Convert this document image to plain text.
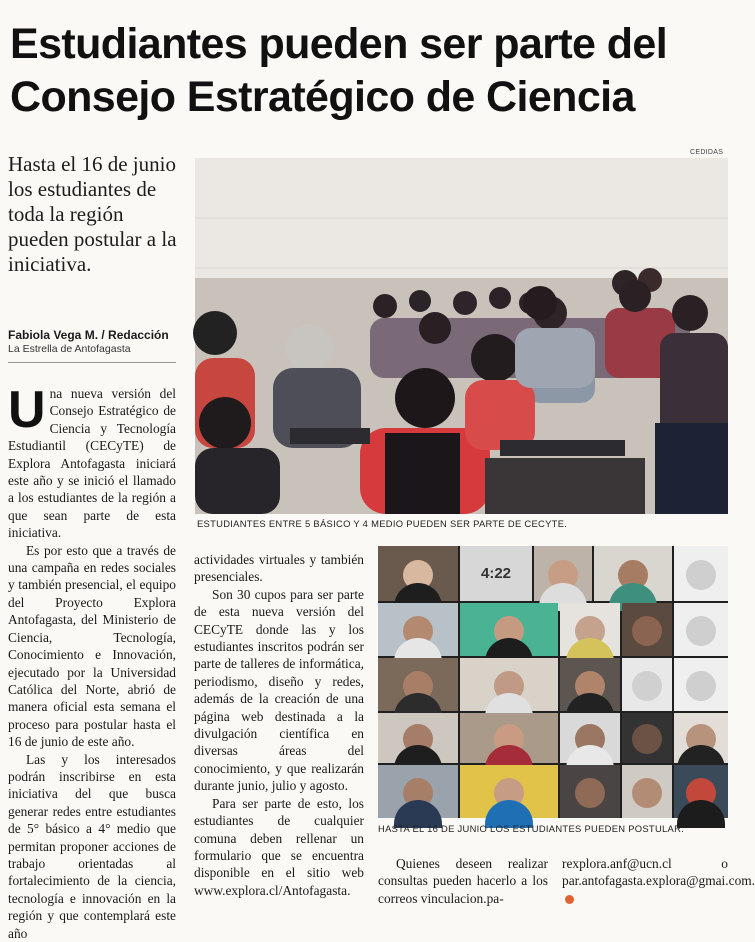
Estudiantes pueden ser parte del
Consejo Estratégico de Ciencia
Hasta el 16 de junio los estudiantes de toda la región pueden postular a la iniciativa.
Fabiola Vega M. / Redacción
La Estrella de Antofagasta
CEDIDAS
ESTUDIANTES ENTRE 5 BÁSICO Y 4 MEDIO PUEDEN SER PARTE DE CECYTE.
4:22
HASTA EL 16 DE JUNIO LOS ESTUDIANTES PUEDEN POSTULAR.

Una nueva versión del Consejo Estratégico de Ciencia y Tecnología Estudiantil (CECyTE) de Explora Antofagasta iniciará este año y se inició el llamado a los estudiantes de la región a que sean parte de esta iniciativa.

Es por esto que a través de una campaña en redes sociales y también presencial, el equipo del Proyecto Explora Antofagasta, del Ministerio de Ciencia, Tecnología, Conocimiento e Innovación, ejecutado por la Universidad Católica del Norte, abrió de manera oficial esta semana el proceso para postular hasta el 16 de junio de este año.

Las y los interesados podrán inscribirse en esta iniciativa del que busca generar redes entre estudiantes de 5° básico a 4° medio que permitan proponer acciones de trabajo orientadas al fortalecimiento de la ciencia, tecnología e innovación en la región y que contemplará este año

actividades virtuales y también presenciales.

Son 30 cupos para ser parte de esta nueva versión del CECyTE donde las y los estudiantes inscritos podrán ser parte de talleres de informática, periodismo, diseño y redes, además de la creación de una página web destinada a la divulgación científica en diversas áreas del conocimiento, y que realizarán durante junio, julio y agosto.

Para ser parte de esto, los estudiantes de cualquier comuna deben rellenar un formulario que se encuentra disponible en el sitio web www.explora.cl/Antofagasta.

Quienes deseen realizar consultas pueden hacerlo a los correos vinculacion.pa-

rexplora.anf@ucn.cl o par.antofagasta.explora@gmai.com.
